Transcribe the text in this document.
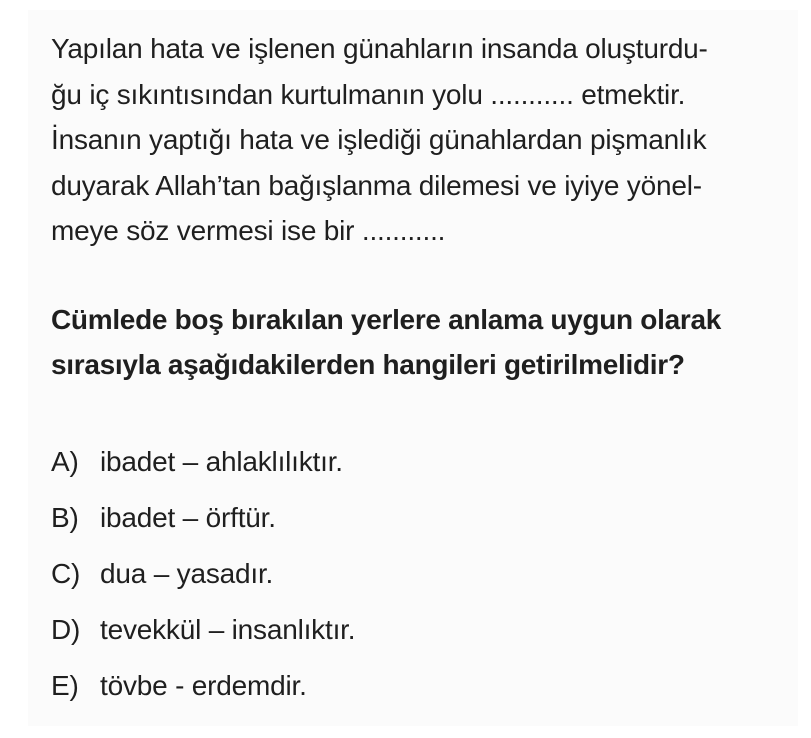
Yapılan hata ve işlenen günahların insanda oluşturdu-
ğu iç sıkıntısından kurtulmanın yolu ........... etmektir.
İnsanın yaptığı hata ve işlediği günahlardan pişmanlık
duyarak Allah’tan bağışlanma dilemesi ve iyiye yönel-
meye söz vermesi ise bir ...........

Cümlede boş bırakılan yerlere anlama uygun olarak
sırasıyla aşağıdakilerden hangileri getirilmelidir?

A) ibadet – ahlaklılıktır.
B) ibadet – örftür.
C) dua – yasadır.
D) tevekkül – insanlıktır.
E) tövbe - erdemdir.
